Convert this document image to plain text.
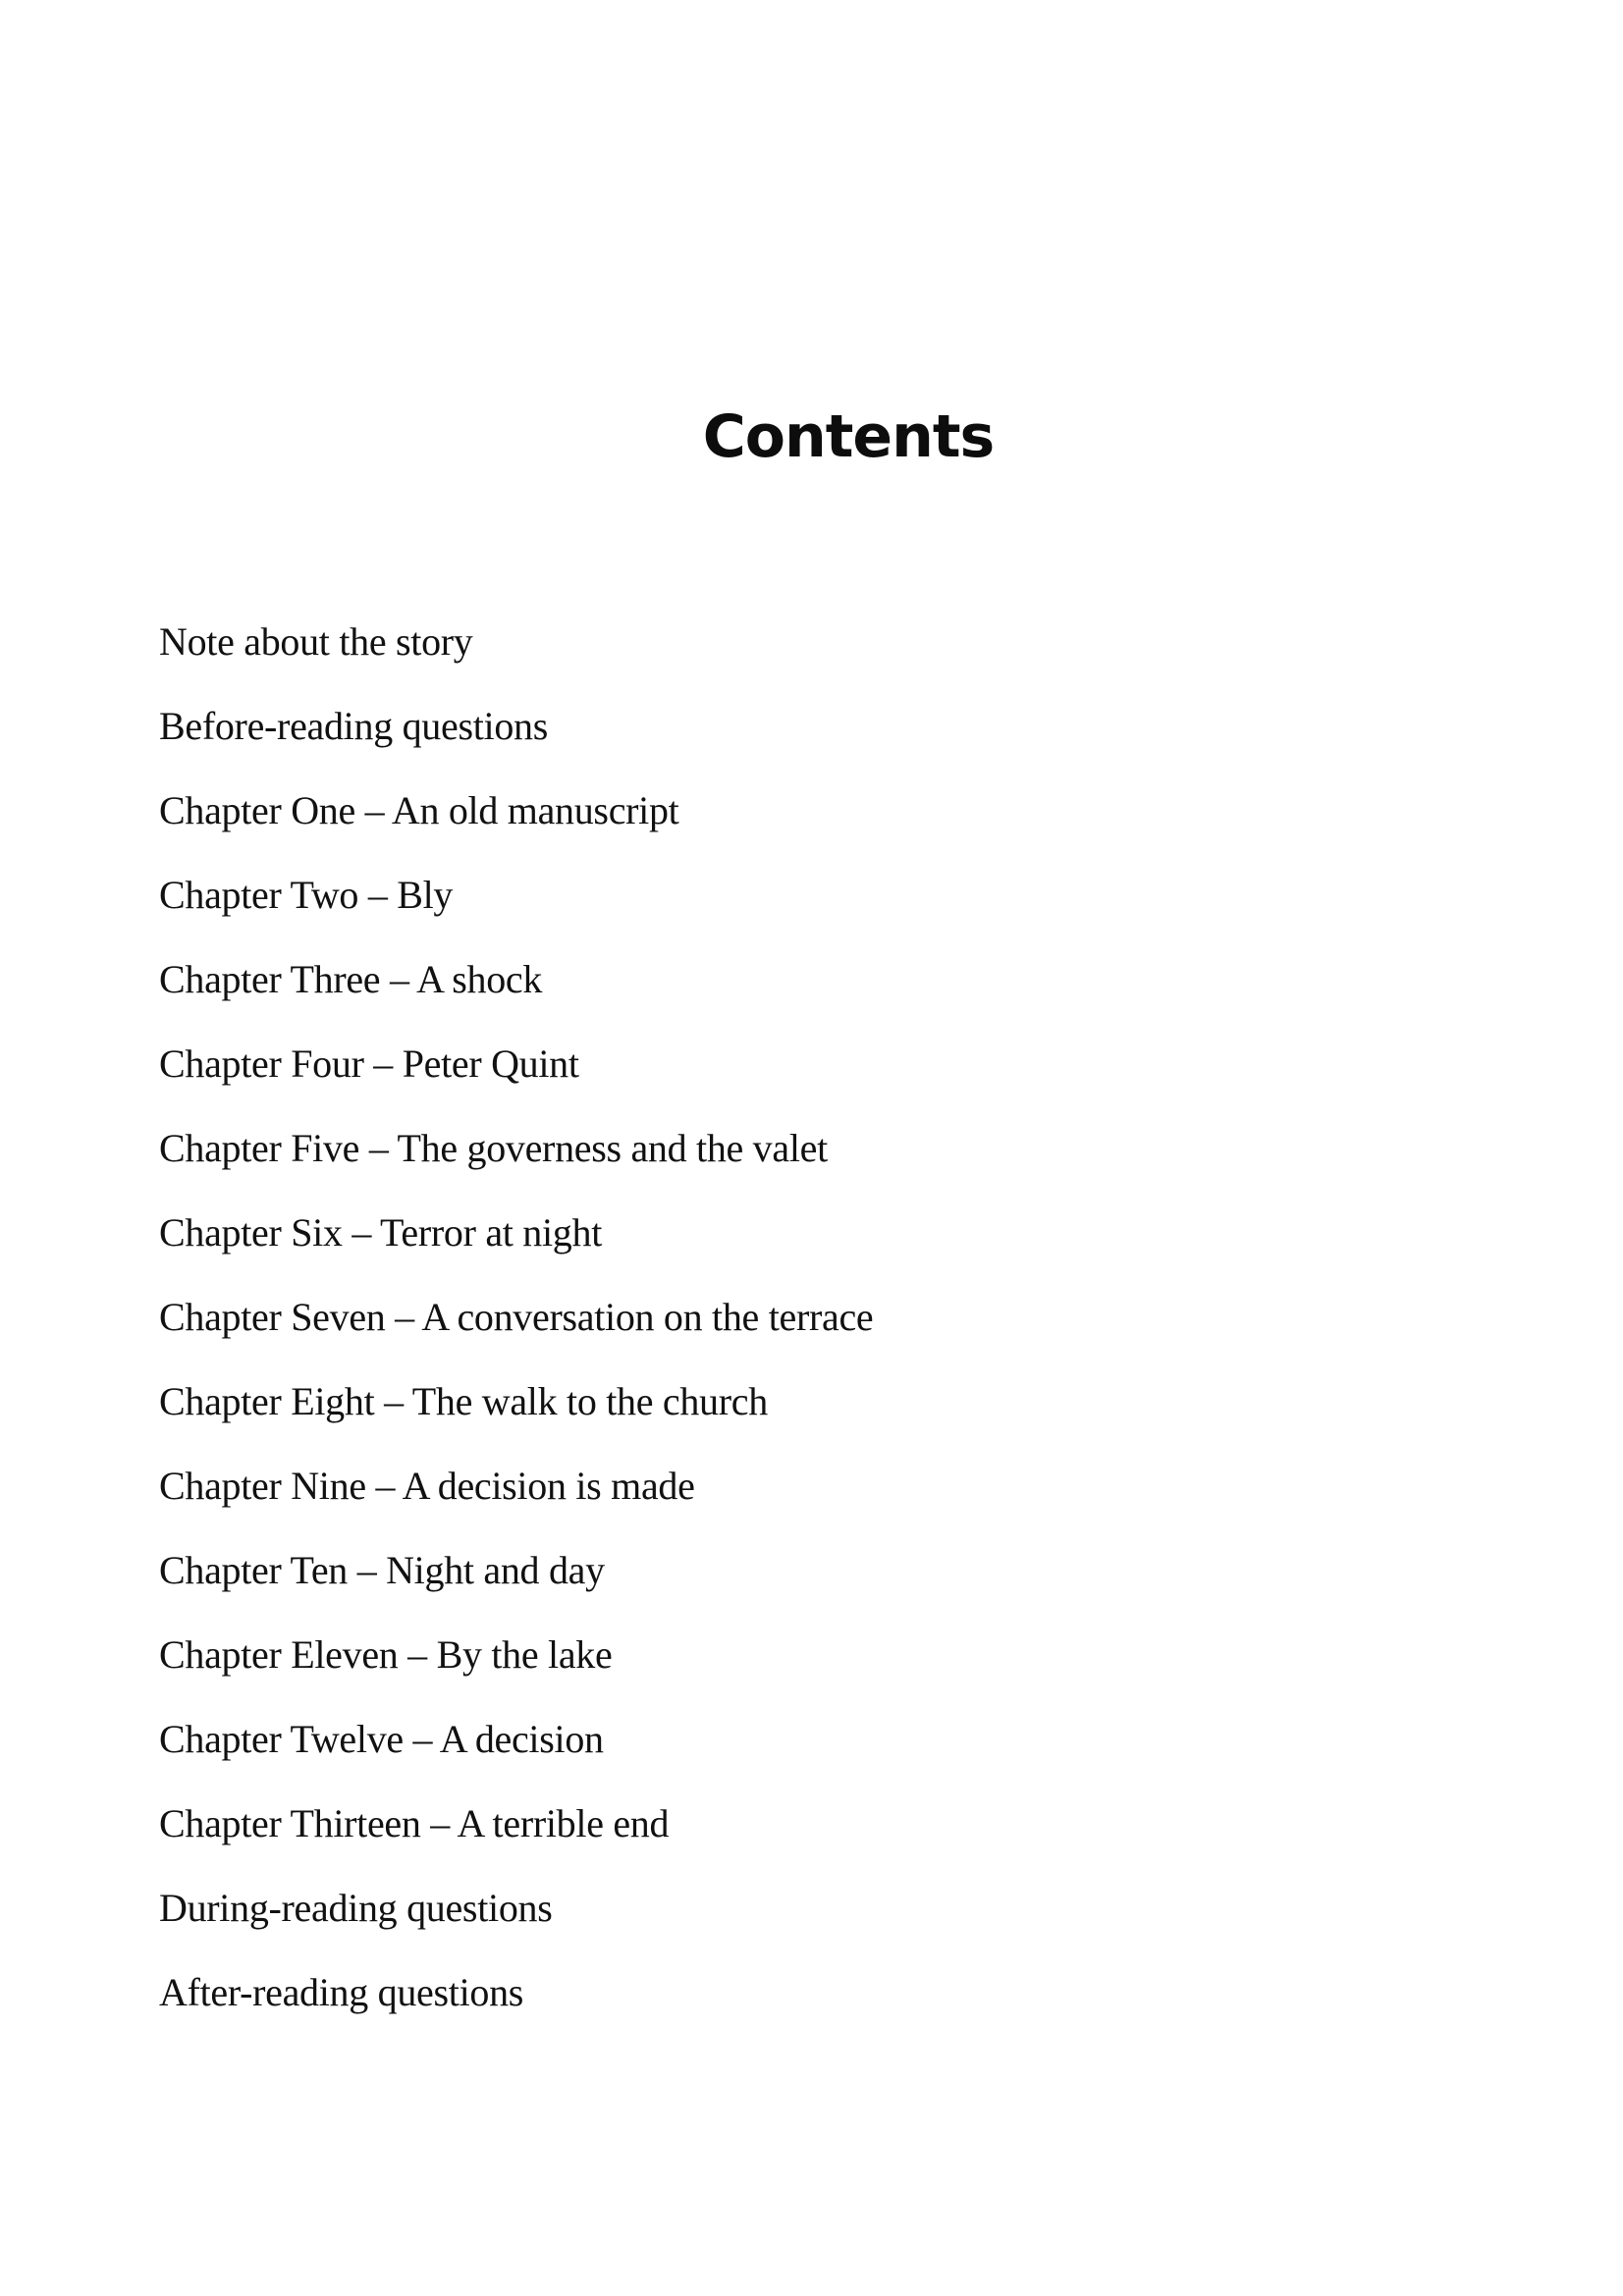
Contents
Note about the story
Before-reading questions
Chapter One – An old manuscript
Chapter Two – Bly
Chapter Three – A shock
Chapter Four – Peter Quint
Chapter Five – The governess and the valet
Chapter Six – Terror at night
Chapter Seven – A conversation on the terrace
Chapter Eight – The walk to the church
Chapter Nine – A decision is made
Chapter Ten – Night and day
Chapter Eleven – By the lake
Chapter Twelve – A decision
Chapter Thirteen – A terrible end
During-reading questions
After-reading questions
